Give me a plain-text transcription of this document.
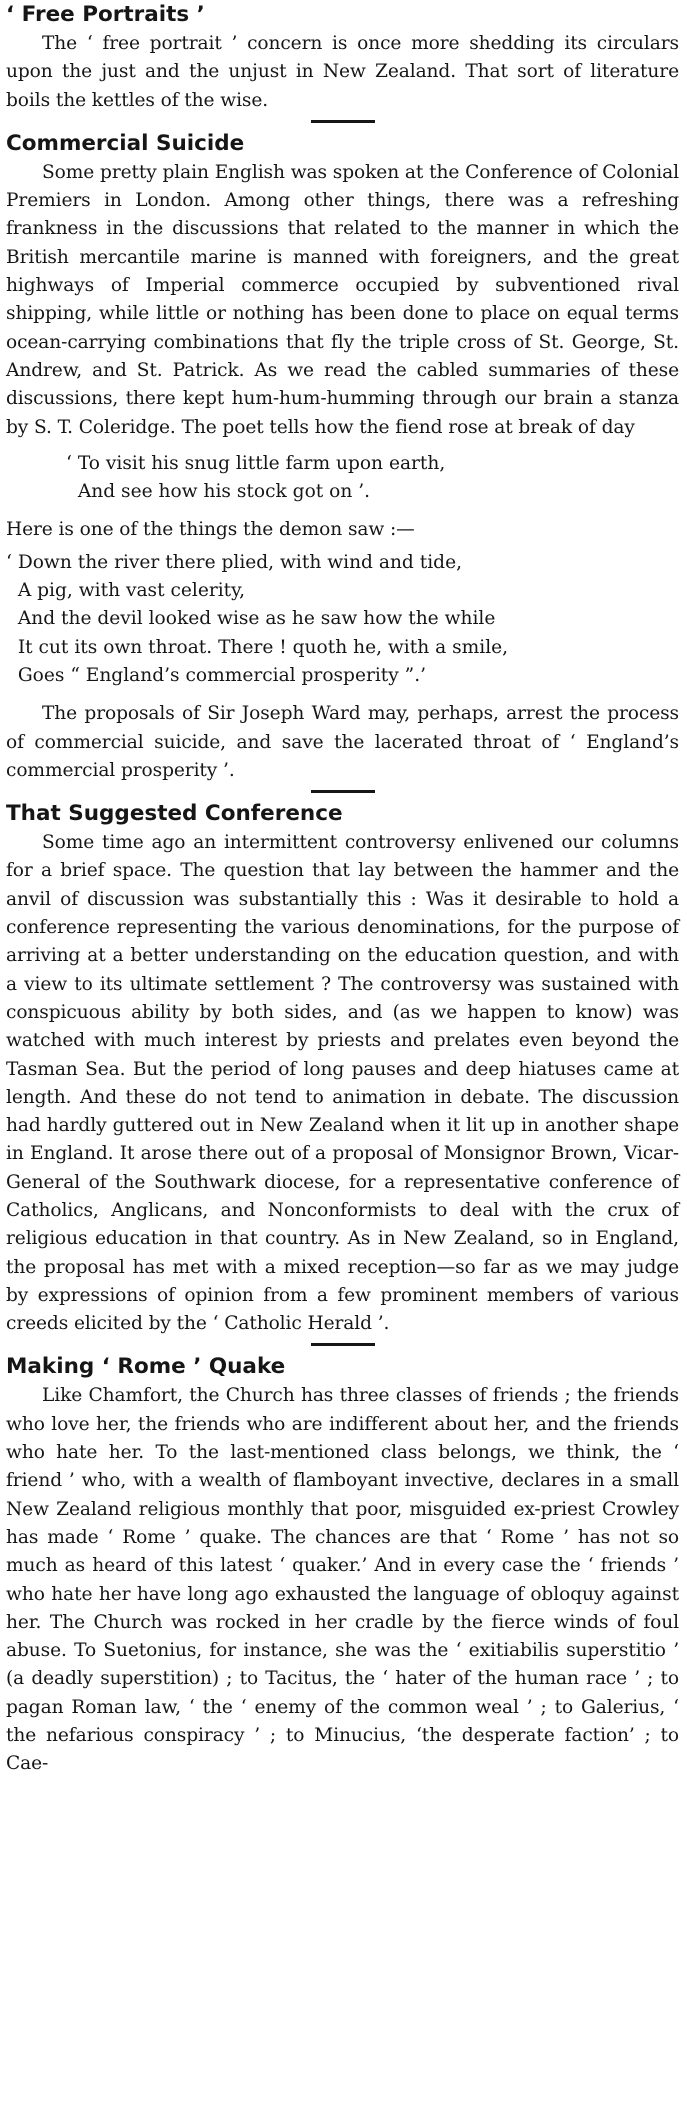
‘ Free Portraits ’

The ‘ free portrait ’ concern is once more shedding its circulars upon the just and the unjust in New Zealand. That sort of literature boils the kettles of the wise.

Commercial Suicide

Some pretty plain English was spoken at the Conference of Colonial Premiers in London. Among other things, there was a refreshing frankness in the discussions that related to the manner in which the British mercantile marine is manned with foreigners, and the great highways of Imperial commerce occupied by subventioned rival shipping, while little or nothing has been done to place on equal terms ocean-carrying combinations that fly the triple cross of St. George, St. Andrew, and St. Patrick. As we read the cabled summaries of these discussions, there kept hum-hum-humming through our brain a stanza by S. T. Coleridge. The poet tells how the fiend rose at break of day

‘ To visit his snug little farm upon earth,
And see how his stock got on ’.

Here is one of the things the demon saw :—

‘ Down the river there plied, with wind and tide,
A pig, with vast celerity,
And the devil looked wise as he saw how the while
It cut its own throat. There ! quoth he, with a smile,
Goes “ England’s commercial prosperity ”.’

The proposals of Sir Joseph Ward may, perhaps, arrest the process of commercial suicide, and save the lacerated throat of ‘ England’s commercial prosperity ’.

That Suggested Conference

Some time ago an intermittent controversy enlivened our columns for a brief space. The question that lay between the hammer and the anvil of discussion was substantially this : Was it desirable to hold a conference representing the various denominations, for the purpose of arriving at a better understanding on the education question, and with a view to its ultimate settlement ? The controversy was sustained with conspicuous ability by both sides, and (as we happen to know) was watched with much interest by priests and prelates even beyond the Tasman Sea. But the period of long pauses and deep hiatuses came at length. And these do not tend to animation in debate. The discussion had hardly guttered out in New Zealand when it lit up in another shape in England. It arose there out of a proposal of Monsignor Brown, Vicar-General of the Southwark diocese, for a representative conference of Catholics, Anglicans, and Nonconformists to deal with the crux of religious education in that country. As in New Zealand, so in England, the proposal has met with a mixed reception—so far as we may judge by expressions of opinion from a few prominent members of various creeds elicited by the ‘ Catholic Herald ’.

Making ‘ Rome ’ Quake

Like Chamfort, the Church has three classes of friends ; the friends who love her, the friends who are indifferent about her, and the friends who hate her. To the last-mentioned class belongs, we think, the ‘ friend ’ who, with a wealth of flamboyant invective, declares in a small New Zealand religious monthly that poor, misguided ex-priest Crowley has made ‘ Rome ’ quake. The chances are that ‘ Rome ’ has not so much as heard of this latest ‘ quaker.’ And in every case the ‘ friends ’ who hate her have long ago exhausted the language of obloquy against her. The Church was rocked in her cradle by the fierce winds of foul abuse. To Suetonius, for instance, she was the ‘ exitiabilis superstitio ’ (a deadly superstition) ; to Tacitus, the ‘ hater of the human race ’ ; to pagan Roman law, ‘ the ‘ enemy of the common weal ’ ; to Galerius, ‘ the nefarious conspiracy ’ ; to Minucius, ‘the desperate faction’ ; to Cae-
